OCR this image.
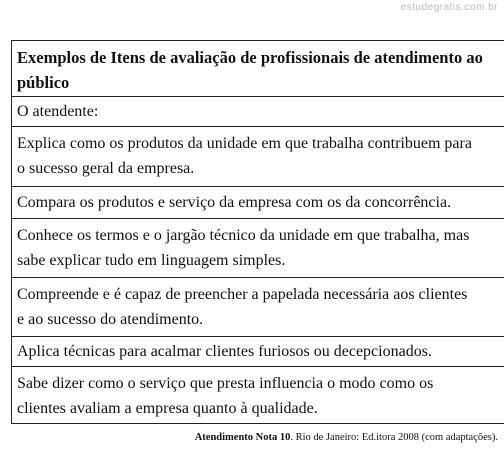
estudegratis.com.br
Exemplos de Itens de avaliação de profissionais de atendimento ao
público
O atendente:
Explica como os produtos da unidade em que trabalha contribuem para
o sucesso geral da empresa.
Compara os produtos e serviço da empresa com os da concorrência.
Conhece os termos e o jargão técnico da unidade em que trabalha, mas
sabe explicar tudo em linguagem simples.
Compreende e é capaz de preencher a papelada necessária aos clientes
e ao sucesso do atendimento.
Aplica técnicas para acalmar clientes furiosos ou decepcionados.
Sabe dizer como o serviço que presta influencia o modo como os
clientes avaliam a empresa quanto à qualidade.
Atendimento Nota 10. Rio de Janeiro: Ed.itora 2008 (com adaptações).
